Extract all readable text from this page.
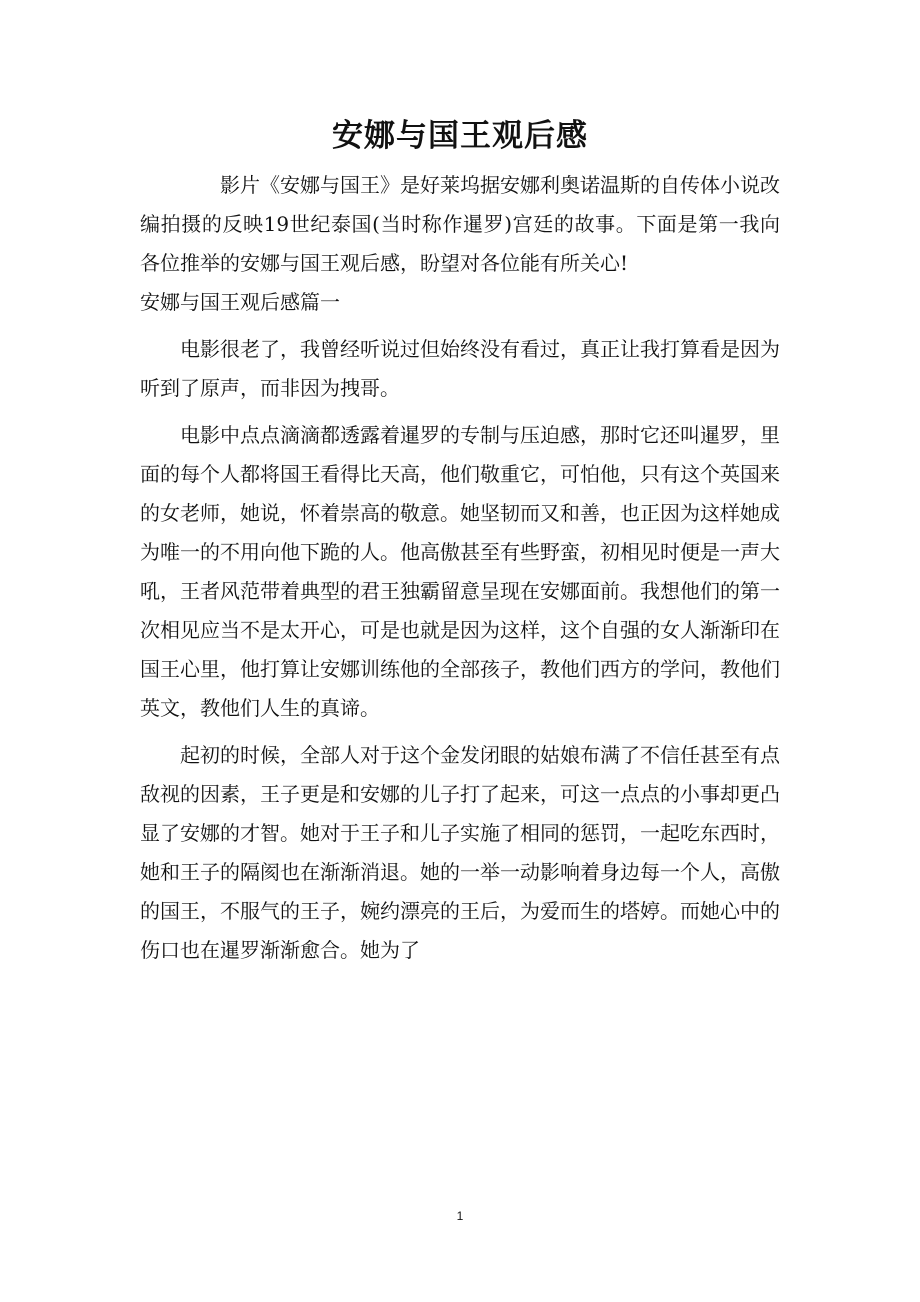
安娜与国王观后感

影片《安娜与国王》是好莱坞据安娜利奥诺温斯的自传体小说改编拍摄的反映19世纪泰国(当时称作暹罗)宫廷的故事。下面是第一我向各位推举的安娜与国王观后感，盼望对各位能有所关心!

安娜与国王观后感篇一

电影很老了，我曾经听说过但始终没有看过，真正让我打算看是因为听到了原声，而非因为拽哥。

电影中点点滴滴都透露着暹罗的专制与压迫感，那时它还叫暹罗，里面的每个人都将国王看得比天高，他们敬重它，可怕他，只有这个英国来的女老师，她说，怀着崇高的敬意。她坚韧而又和善，也正因为这样她成为唯一的不用向他下跪的人。他高傲甚至有些野蛮，初相见时便是一声大吼，王者风范带着典型的君王独霸留意呈现在安娜面前。我想他们的第一次相见应当不是太开心，可是也就是因为这样，这个自强的女人渐渐印在国王心里，他打算让安娜训练他的全部孩子，教他们西方的学问，教他们英文，教他们人生的真谛。

起初的时候，全部人对于这个金发闭眼的姑娘布满了不信任甚至有点敌视的因素，王子更是和安娜的儿子打了起来，可这一点点的小事却更凸显了安娜的才智。她对于王子和儿子实施了相同的惩罚，一起吃东西时，她和王子的隔阂也在渐渐消退。她的一举一动影响着身边每一个人，高傲的国王，不服气的王子，婉约漂亮的王后，为爱而生的塔婷。而她心中的伤口也在暹罗渐渐愈合。她为了

1
